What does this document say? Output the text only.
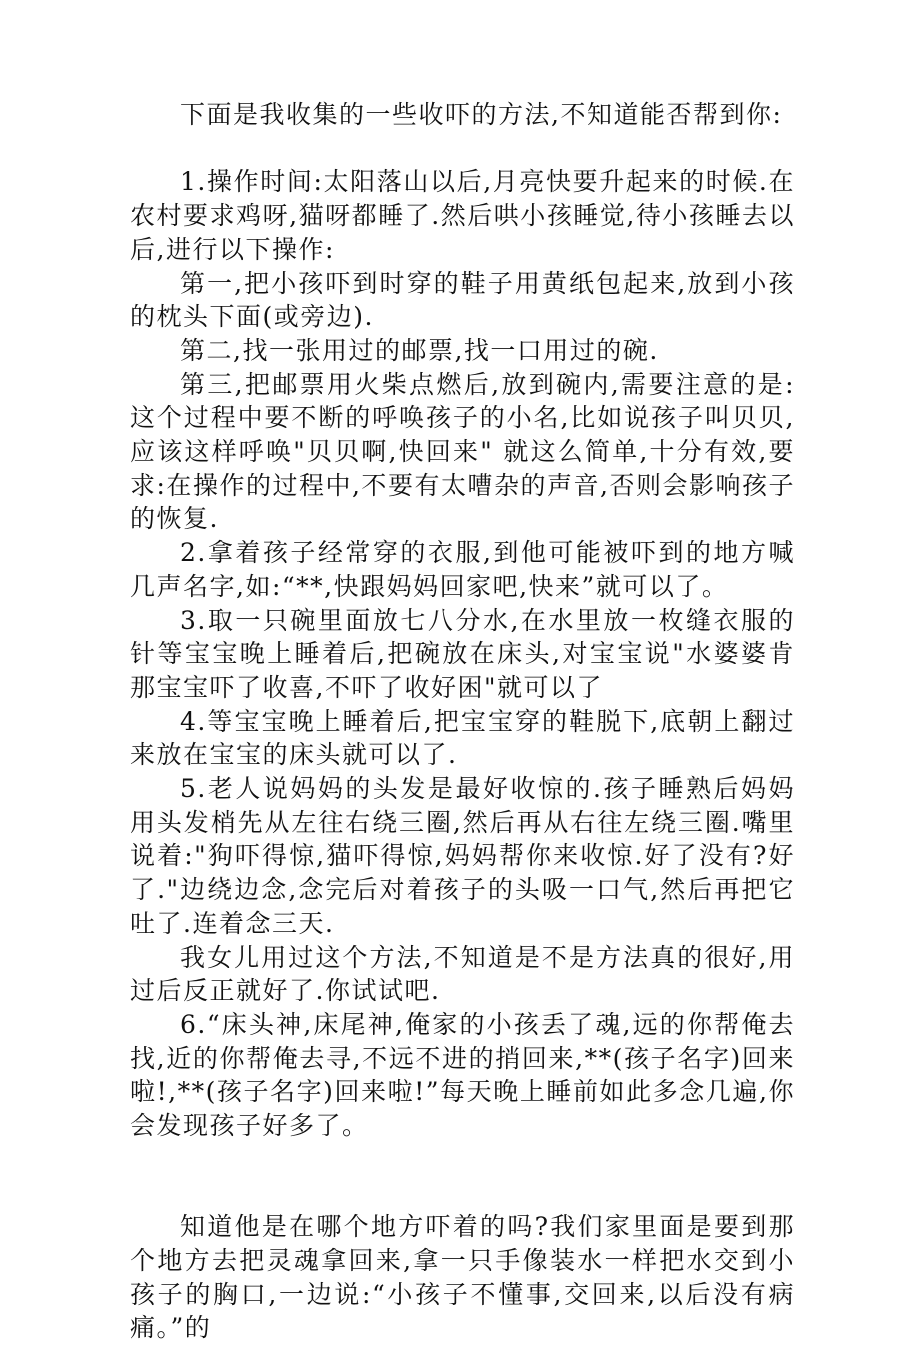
下面是我收集的一些收吓的方法,不知道能否帮到你:

1.操作时间:太阳落山以后,月亮快要升起来的时候.在农村要求鸡呀,猫呀都睡了.然后哄小孩睡觉,待小孩睡去以后,进行以下操作:

第一,把小孩吓到时穿的鞋子用黄纸包起来,放到小孩的枕头下面(或旁边).

第二,找一张用过的邮票,找一口用过的碗.

第三,把邮票用火柴点燃后,放到碗内,需要注意的是:这个过程中要不断的呼唤孩子的小名,比如说孩子叫贝贝,应该这样呼唤"贝贝啊,快回来" 就这么简单,十分有效,要求:在操作的过程中,不要有太嘈杂的声音,否则会影响孩子的恢复.

2.拿着孩子经常穿的衣服,到他可能被吓到的地方喊几声名字,如:“**,快跟妈妈回家吧,快来”就可以了。

3.取一只碗里面放七八分水,在水里放一枚缝衣服的针等宝宝晚上睡着后,把碗放在床头,对宝宝说"水婆婆肯那宝宝吓了收喜,不吓了收好困"就可以了

4.等宝宝晚上睡着后,把宝宝穿的鞋脱下,底朝上翻过来放在宝宝的床头就可以了.

5.老人说妈妈的头发是最好收惊的.孩子睡熟后妈妈用头发梢先从左往右绕三圈,然后再从右往左绕三圈.嘴里说着:"狗吓得惊,猫吓得惊,妈妈帮你来收惊.好了没有?好了."边绕边念,念完后对着孩子的头吸一口气,然后再把它吐了.连着念三天.

我女儿用过这个方法,不知道是不是方法真的很好,用过后反正就好了.你试试吧.

6.“床头神,床尾神,俺家的小孩丢了魂,远的你帮俺去找,近的你帮俺去寻,不远不进的捎回来,**(孩子名字)回来啦!,**(孩子名字)回来啦!”每天晚上睡前如此多念几遍,你会发现孩子好多了。

知道他是在哪个地方吓着的吗?我们家里面是要到那个地方去把灵魂拿回来,拿一只手像装水一样把水交到小孩子的胸口,一边说:“小孩子不懂事,交回来,以后没有病痛。”的
